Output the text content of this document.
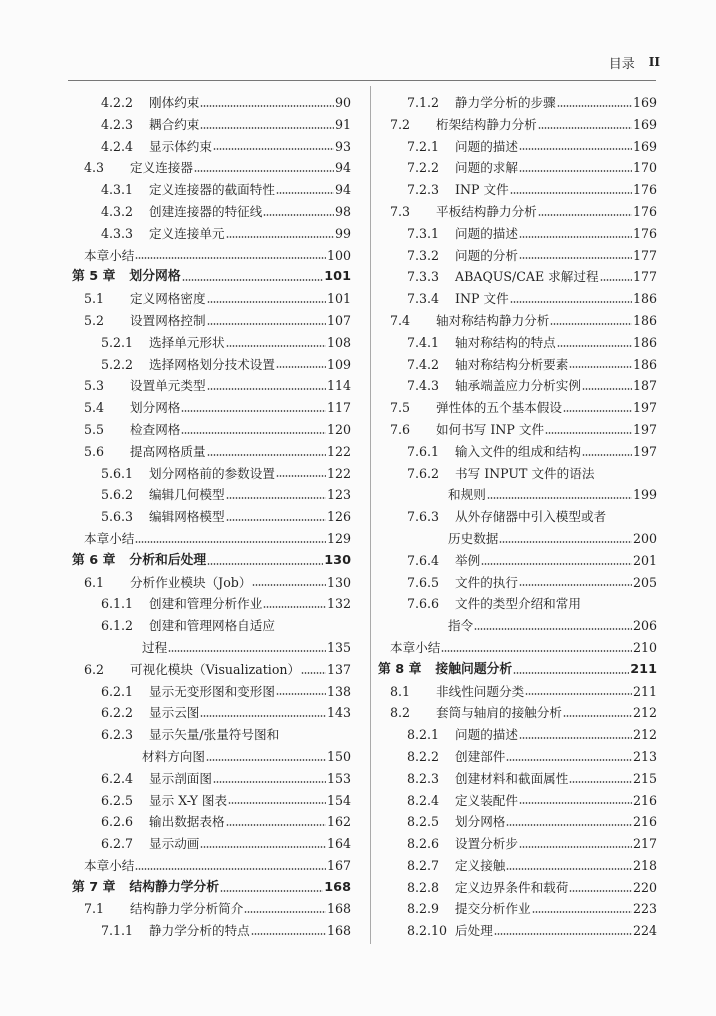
目录 II
4.2.2	刚体约束	90
4.2.3	耦合约束	91
4.2.4	显示体约束	93
4.3	定义连接器	94
4.3.1	定义连接器的截面特性	94
4.3.2	创建连接器的特征线	98
4.3.3	定义连接单元	99
本章小结	100
第 5 章	划分网格	101
5.1	定义网格密度	101
5.2	设置网格控制	107
5.2.1	选择单元形状	108
5.2.2	选择网格划分技术设置	109
5.3	设置单元类型	114
5.4	划分网格	117
5.5	检查网格	120
5.6	提高网格质量	122
5.6.1	划分网格前的参数设置	122
5.6.2	编辑几何模型	123
5.6.3	编辑网格模型	126
本章小结	129
第 6 章	分析和后处理	130
6.1	分析作业模块（Job）	130
6.1.1	创建和管理分析作业	132
6.1.2	创建和管理网格自适应
过程	135
6.2	可视化模块（Visualization） 137
6.2.1	显示无变形图和变形图	138
6.2.2	显示云图	143
6.2.3	显示矢量/张量符号图和
材料方向图	150
6.2.4	显示剖面图	153
6.2.5	显示 X-Y 图表	154
6.2.6	输出数据表格	162
6.2.7	显示动画	164
本章小结	167
第 7 章	结构静力学分析	168
7.1	结构静力学分析简介	168
7.1.1	静力学分析的特点	168
7.1.2	静力学分析的步骤	169
7.2	桁架结构静力分析	169
7.2.1	问题的描述	169
7.2.2	问题的求解	170
7.2.3	INP 文件	176
7.3	平板结构静力分析	176
7.3.1	问题的描述	176
7.3.2	问题的分析	177
7.3.3	ABAQUS/CAE 求解过程	177
7.3.4	INP 文件	186
7.4	轴对称结构静力分析	186
7.4.1	轴对称结构的特点	186
7.4.2	轴对称结构分析要素	186
7.4.3	轴承端盖应力分析实例	187
7.5	弹性体的五个基本假设	197
7.6	如何书写 INP 文件	197
7.6.1	输入文件的组成和结构	197
7.6.2	书写 INPUT 文件的语法
和规则	199
7.6.3	从外存储器中引入模型或者
历史数据	200
7.6.4	举例	201
7.6.5	文件的执行	205
7.6.6	文件的类型介绍和常用
指令	206
本章小结	210
第 8 章	接触问题分析	211
8.1	非线性问题分类	211
8.2	套筒与轴肩的接触分析	212
8.2.1	问题的描述	212
8.2.2	创建部件	213
8.2.3	创建材料和截面属性	215
8.2.4	定义装配件	216
8.2.5	划分网格	216
8.2.6	设置分析步	217
8.2.7	定义接触	218
8.2.8	定义边界条件和载荷	220
8.2.9	提交分析作业	223
8.2.10 后处理	224
